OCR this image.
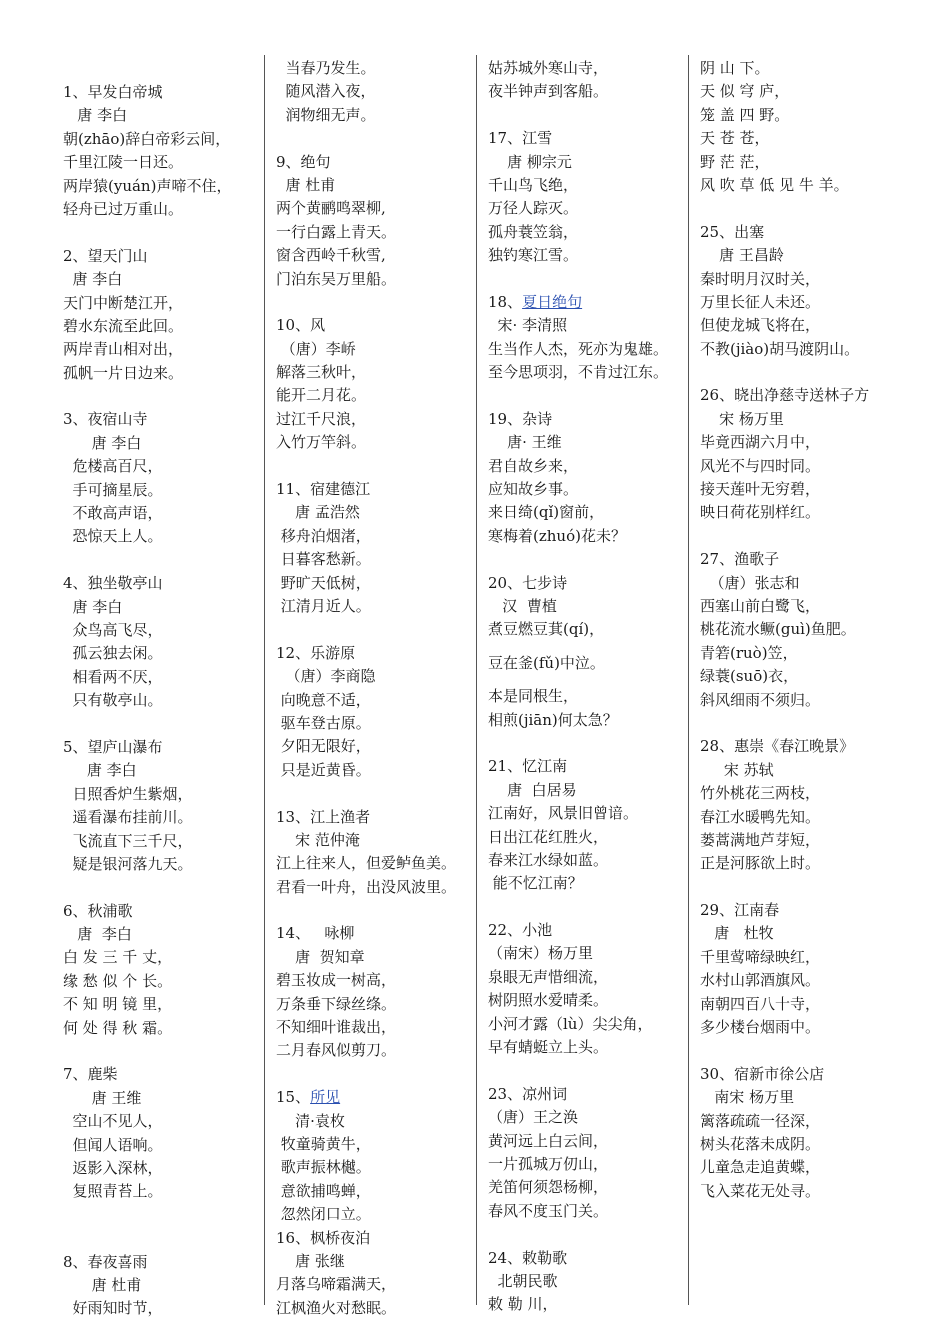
1、早发白帝城
唐 李白
朝(zhāo)辞白帝彩云间，
千里江陵一日还。
两岸猿(yuán)声啼不住，
轻舟已过万重山。
2、望天门山
唐 李白
天门中断楚江开，
碧水东流至此回。
两岸青山相对出，
孤帆一片日边来。
3、夜宿山寺
唐 李白
危楼高百尺，
手可摘星辰。
不敢高声语，
恐惊天上人。
4、独坐敬亭山
唐 李白
众鸟高飞尽，
孤云独去闲。
相看两不厌，
只有敬亭山。
5、望庐山瀑布
唐 李白
日照香炉生紫烟，
遥看瀑布挂前川。
飞流直下三千尺，
疑是银河落九天。
6、秋浦歌
唐  李白
白 发 三 千 丈，
缘 愁 似 个 长。
不 知 明 镜 里，
何 处 得 秋 霜。
7、鹿柴
唐 王维
空山不见人，
但闻人语响。
返影入深林，
复照青苔上。
8、春夜喜雨
唐 杜甫
好雨知时节，
当春乃发生。
随风潜入夜，
润物细无声。
9、绝句
唐 杜甫
两个黄鹂鸣翠柳,
一行白露上青天。
窗含西岭千秋雪,
门泊东吴万里船。
10、风
（唐）李峤
解落三秋叶，
能开二月花。
过江千尺浪，
入竹万竿斜。
11、宿建德江
唐 孟浩然
移舟泊烟渚，
日暮客愁新。
野旷天低树，
江清月近人。
12、乐游原
（唐）李商隐
向晚意不适，
驱车登古原。
夕阳无限好，
只是近黄昏。
13、江上渔者
宋 范仲淹
江上往来人，但爱鲈鱼美。
君看一叶舟，出没风波里。
14、   咏柳
唐  贺知章
碧玉妆成一树高，
万条垂下绿丝绦。
不知细叶谁裁出，
二月春风似剪刀。
15、所见
清·袁枚
牧童骑黄牛，
歌声振林樾。
意欲捕鸣蝉，
忽然闭口立。
16、枫桥夜泊
唐 张继
月落乌啼霜满天，
江枫渔火对愁眠。
姑苏城外寒山寺，
夜半钟声到客船。
17、江雪
唐 柳宗元
千山鸟飞绝，
万径人踪灭。
孤舟蓑笠翁，
独钓寒江雪。
18、夏日绝句
宋· 李清照
生当作人杰，死亦为鬼雄。
至今思项羽，不肯过江东。
19、杂诗
唐· 王维
君自故乡来，
应知故乡事。
来日绮(qǐ)窗前，
寒梅着(zhuó)花未？
20、七步诗
汉  曹植
煮豆燃豆萁(qí)，
豆在釜(fǔ)中泣。
本是同根生，
相煎(jiān)何太急？
21、忆江南
唐  白居易
江南好，风景旧曾谙。
日出江花红胜火，
春来江水绿如蓝。
能不忆江南？
22、小池
（南宋）杨万里
泉眼无声惜细流，
树阴照水爱晴柔。
小河才露（lù）尖尖角，
早有蜻蜓立上头。
23、凉州词
（唐）王之涣
黄河远上白云间，
一片孤城万仞山，
羌笛何须怨杨柳，
春风不度玉门关。
24、敕勒歌
北朝民歌
敕 勒 川，
阴 山 下。
天 似 穹 庐，
笼 盖 四 野。
天 苍 苍，
野 茫 茫，
风 吹 草 低 见 牛 羊。
25、出塞
唐 王昌龄
秦时明月汉时关，
万里长征人未还。
但使龙城飞将在，
不教(jiào)胡马渡阴山。
26、晓出净慈寺送林子方
宋 杨万里
毕竟西湖六月中，
风光不与四时同。
接天莲叶无穷碧，
映日荷花别样红。
27、渔歌子
（唐）张志和
西塞山前白鹭飞，
桃花流水鳜(guì)鱼肥。
青箬(ruò)笠，
绿蓑(suō)衣，
斜风细雨不须归。
28、惠崇《春江晚景》
宋 苏轼
竹外桃花三两枝，
春江水暖鸭先知。
蒌蒿满地芦芽短，
正是河豚欲上时。
29、江南春
唐   杜牧
千里莺啼绿映红，
水村山郭酒旗风。
南朝四百八十寺，
多少楼台烟雨中。
30、宿新市徐公店
南宋 杨万里
篱落疏疏一径深，
树头花落未成阴。
儿童急走追黄蝶，
飞入菜花无处寻。
